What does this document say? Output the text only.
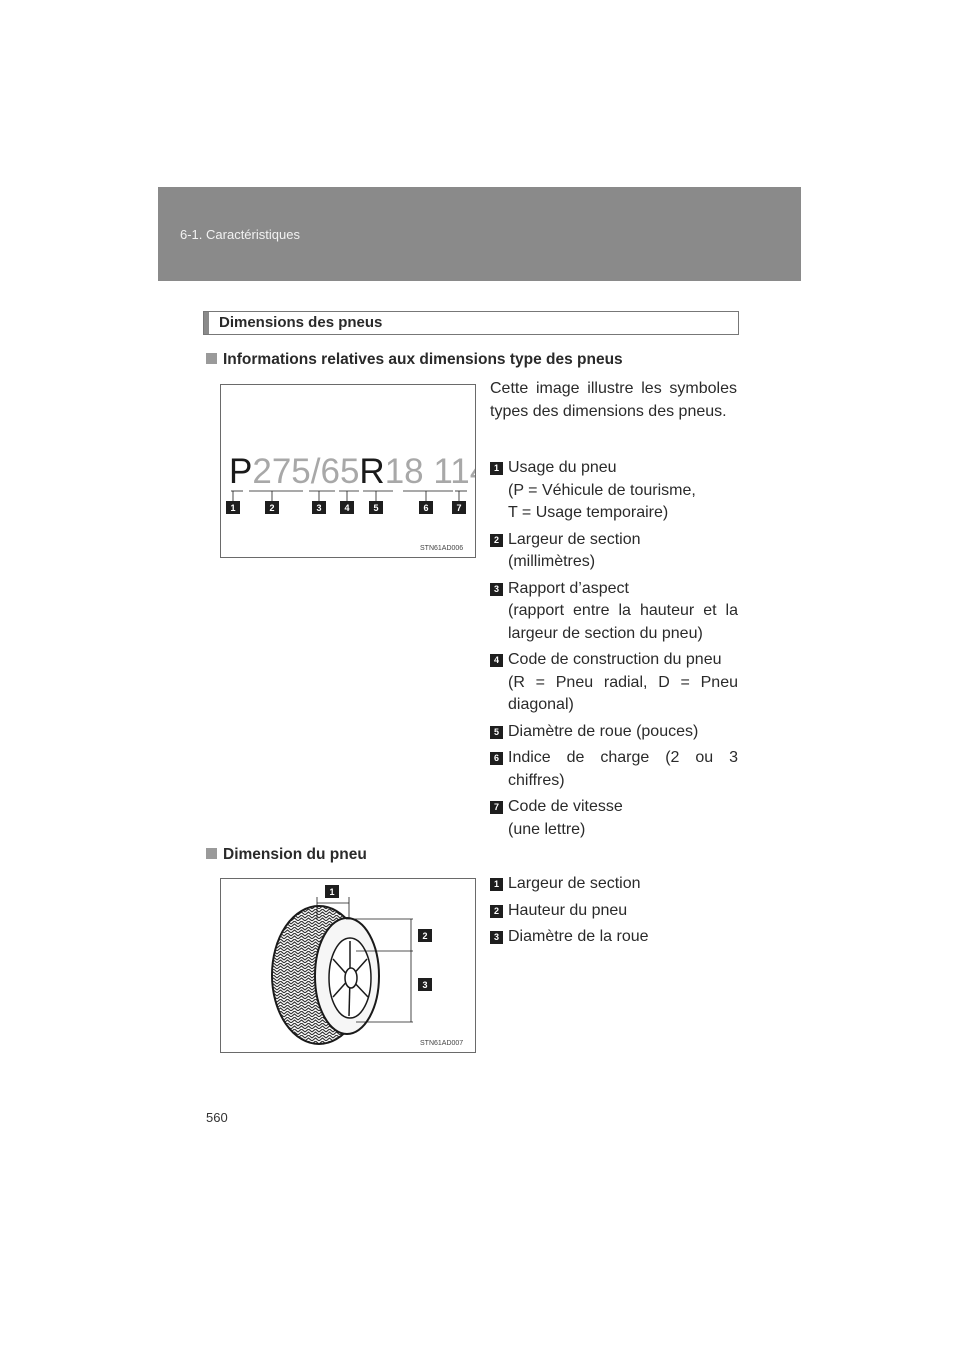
6-1. Caractéristiques
Dimensions des pneus
Informations relatives aux dimensions type des pneus
P275/65R18 11
1	2	3	4	5	6	7
STN61AD006
Cette image illustre les symboles types des dimensions des pneus.
1 Usage du pneu
(P = Véhicule de tourisme,
T = Usage temporaire)
2 Largeur de section
(millimètres)
3 Rapport d’aspect
(rapport entre la hauteur et la largeur de section du pneu)
4 Code de construction du pneu
(R = Pneu radial, D = Pneu diagonal)
5 Diamètre de roue (pouces)
6 Indice de charge (2 ou 3 chiffres)
7 Code de vitesse
(une lettre)
Dimension du pneu
1
2
3
STN61AD007
1 Largeur de section
2 Hauteur du pneu
3 Diamètre de la roue
560
